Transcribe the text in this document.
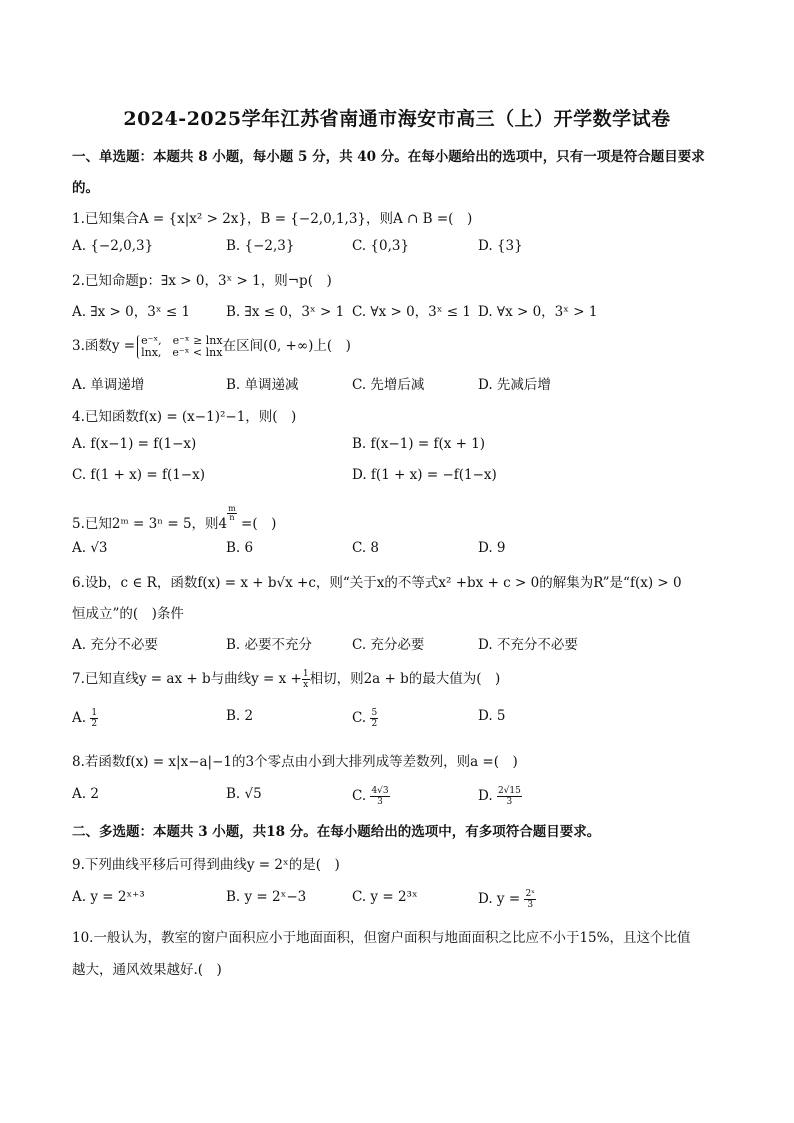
2024-2025学年江苏省南通市海安市高三（上）开学数学试卷
一、单选题：本题共 8 小题，每小题 5 分，共 40 分。在每小题给出的选项中，只有一项是符合题目要求
的。
1.已知集合A = {x|x² > 2x}，B = {−2,0,1,3}，则A ∩ B =(　)
A. {−2,0,3}	B. {−2,3}	C. {0,3}	D. {3}
2.已知命题p：∃x > 0，3ˣ > 1，则¬p(　)
A. ∃x > 0，3ˣ ≤ 1	B. ∃x ≤ 0，3ˣ > 1 C. ∀x > 0，3ˣ ≤ 1 D. ∀x > 0，3ˣ > 1
3.函数y = e⁻ˣ,　e⁻ˣ ≥ lnx
lnx,　e⁻ˣ < lnx 在区间(0, +∞)上(　)
A. 单调递增	B. 单调递减	C. 先增后减	D. 先减后增
4.已知函数f(x) = (x−1)²−1，则(　)
A. f(x−1) = f(1−x)	B. f(x−1) = f(x + 1)
C. f(1 + x) = f(1−x)	D. f(1 + x) = −f(1−x)
5.已知2ᵐ = 3ⁿ = 5，则4
$\frac{m}{n}$
=(　)
A. √3	B. 6	C. 8	D. 9
6.设b，c ∈ R，函数f(x) = x + b√x +c，则“关于x的不等式x² +bx + c > 0的解集为R”是“f(x) > 0
恒成立”的(　)条件
A. 充分不必要	B. 必要不充分	C. 充分必要	D. 不充分不必要
7.已知直线y = ax + b与曲线$y = x + \frac{1}{x}$ 相切，则2a + b的最大值为(　)
A. $\frac{1}{2}$	B. 2	C. $\frac{5}{2}$	D. 5
8.若函数f(x) = x|x−a|−1的3个零点由小到大排列成等差数列，则a =(　)
A. 2	B. √5	C. $\frac{4√3}{3}$	D. $\frac{2√15}{3}$
二、多选题：本题共 3 小题，共18 分。在每小题给出的选项中，有多项符合题目要求。
9.下列曲线平移后可得到曲线y = 2ˣ的是(　)
A. y = 2ˣ⁺³	B. y = 2ˣ−3	C. y = 2³ˣ	D. $y = \frac{\text{2ˣ}}{3}$
10.一般认为，教室的窗户面积应小于地面面积，但窗户面积与地面面积之比应不小于15%，且这个比值
越大，通风效果越好.(　)
